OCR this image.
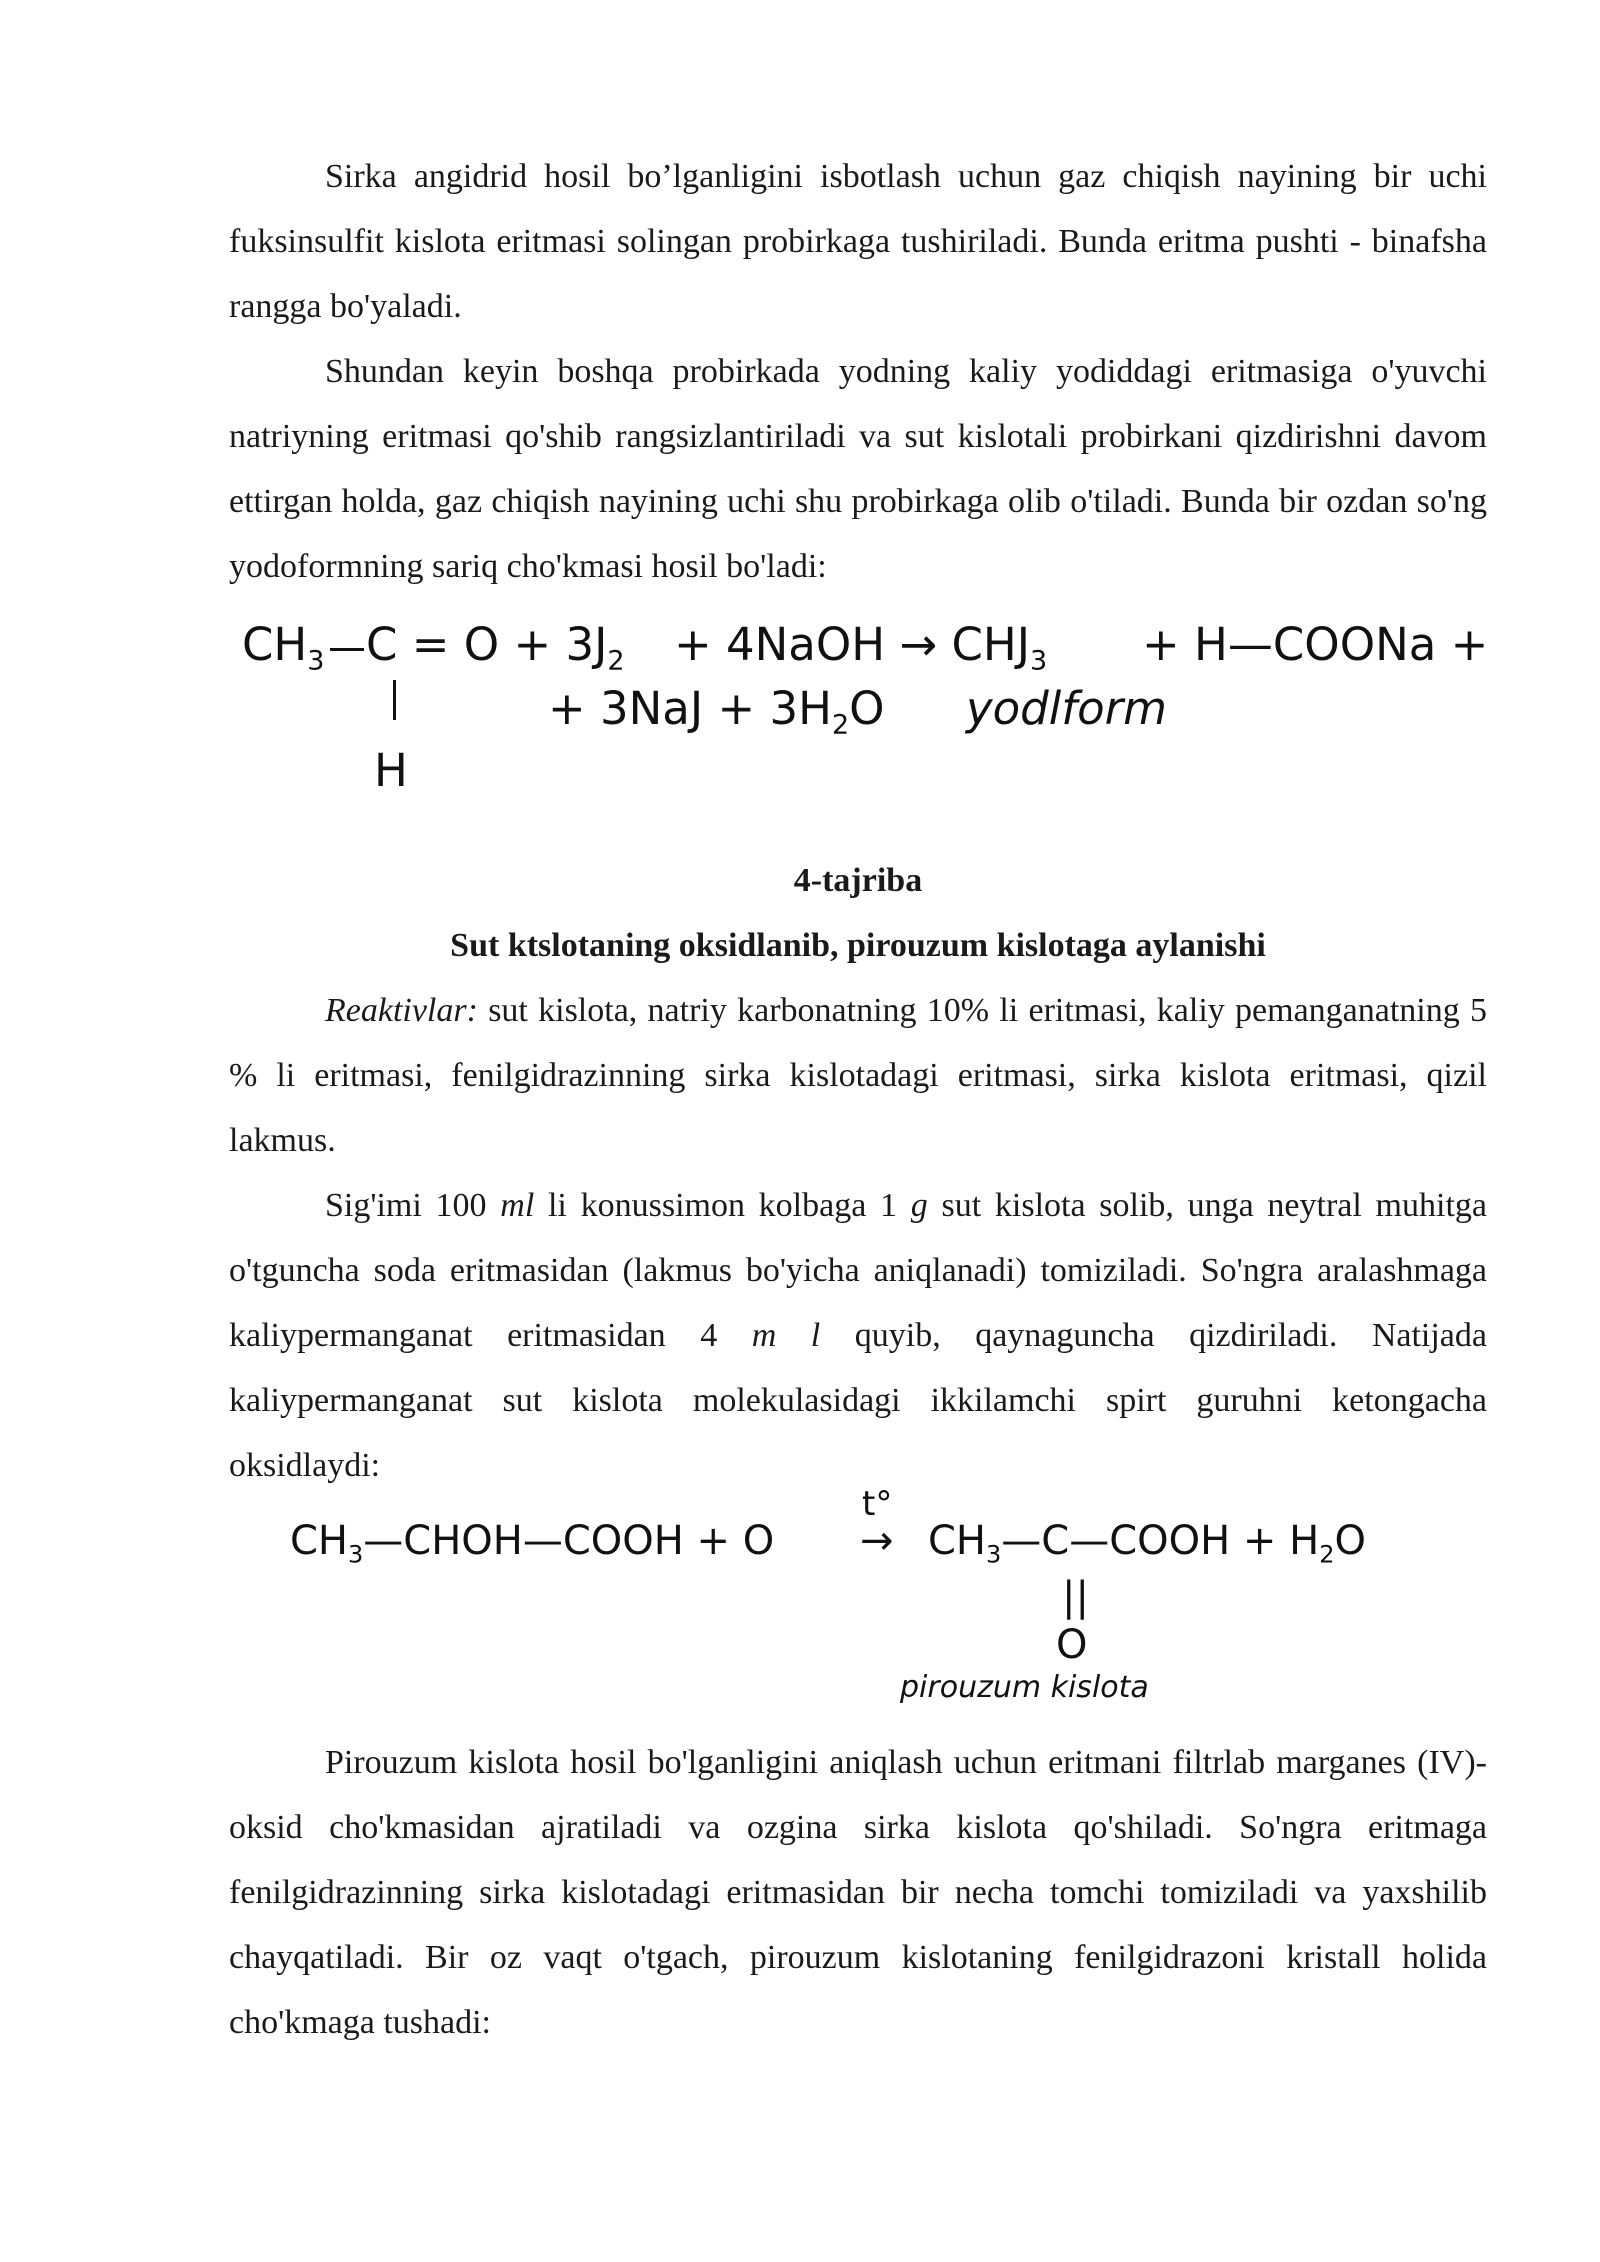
Sirka angidrid hosil bo’lganligini isbotlash uchun gaz chiqish nayining bir uchi fuksinsulfit kislota eritmasi solingan probirkaga tushiriladi. Bunda eritma pushti - binafsha rangga bo'yaladi.

Shundan keyin boshqa probirkada yodning kaliy yodiddagi eritmasiga o'yuvchi natriyning eritmasi qo'shib rangsizlantiriladi va sut kislotali probirkani qizdirishni davom ettirgan holda, gaz chiqish nayining uchi shu probirkaga olib o'tiladi. Bunda bir ozdan so'ng yodoformning sariq cho'kmasi hosil bo'ladi:

$CH_3$ $C = O + 3J_2$ + 4NaOH → $CHJ_3$ + H—COONa +
H
+ $3NaJ + 3H_2O$ yodlform

4-tajriba

Sut ktslotaning oksidlanib, pirouzum kislotaga aylanishi

Reaktivlar: sut kislota, natriy karbonatning 10% li eritmasi, kaliy pemanganatning 5 % li eritmasi, fenilgidrazinning sirka kislotadagi eritmasi, sirka kislota eritmasi, qizil lakmus.

Sig'imi 100 ml li konussimon kolbaga 1 g sut kislota solib, unga neytral muhitga o'tguncha soda eritmasidan (lakmus bo'yicha aniqlanadi) tomiziladi. So'ngra aralashmaga kaliypermanganat eritmasidan 4 m l quyib, qaynaguncha qizdiriladi. Natijada kaliypermanganat sut kislota molekulasidagi ikkilamchi spirt guruhni ketongacha oksidlaydi:

$CH_3—CHOH—COOH + O$
t°
→ $CH_3—C—COOH + H_2O$
||
O
pirouzum kislota

Pirouzum kislota hosil bo'lganligini aniqlash uchun eritmani filtrlab marganes (IV)-oksid cho'kmasidan ajratiladi va ozgina sirka kislota qo'shiladi. So'ngra eritmaga fenilgidrazinning sirka kislotadagi eritmasidan bir necha tomchi tomiziladi va yaxshilib chayqatiladi. Bir oz vaqt o'tgach, pirouzum kislotaning fenilgidrazoni kristall holida cho'kmaga tushadi:
